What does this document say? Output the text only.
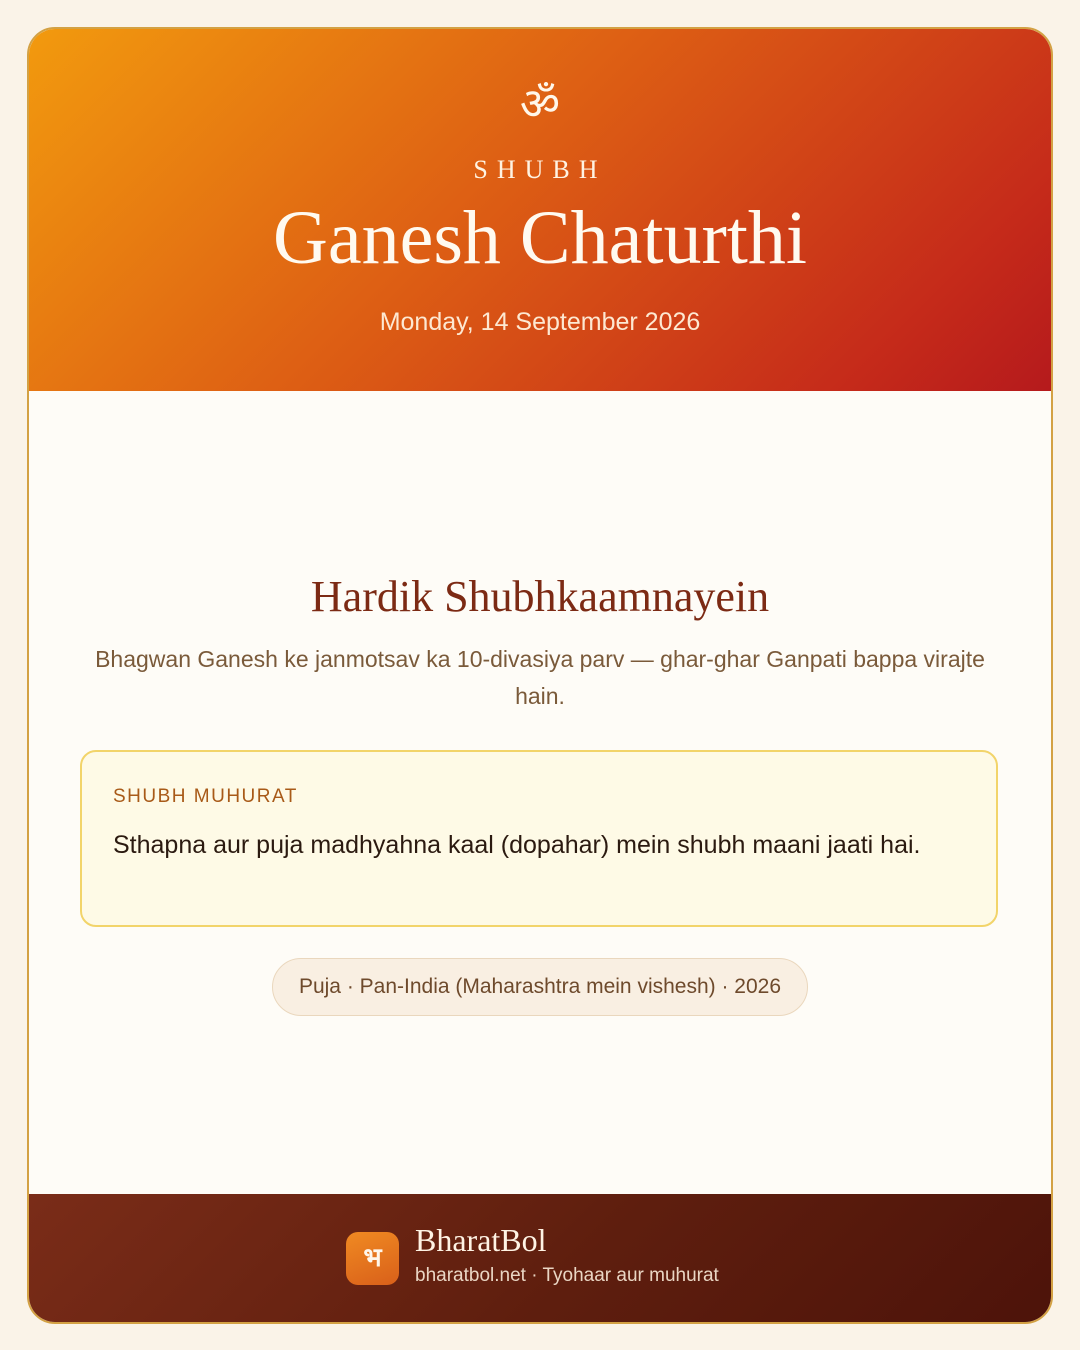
ॐ
SHUBH
Ganesh Chaturthi
Monday, 14 September 2026
Hardik Shubhkaamnayein
Bhagwan Ganesh ke janmotsav ka 10-divasiya parv — ghar-ghar Ganpati bappa virajte hain.
SHUBH MUHURAT
Sthapna aur puja madhyahna kaal (dopahar) mein shubh maani jaati hai.
Puja · Pan-India (Maharashtra mein vishesh) · 2026
भ	BharatBol
bharatbol.net · Tyohaar aur muhurat
